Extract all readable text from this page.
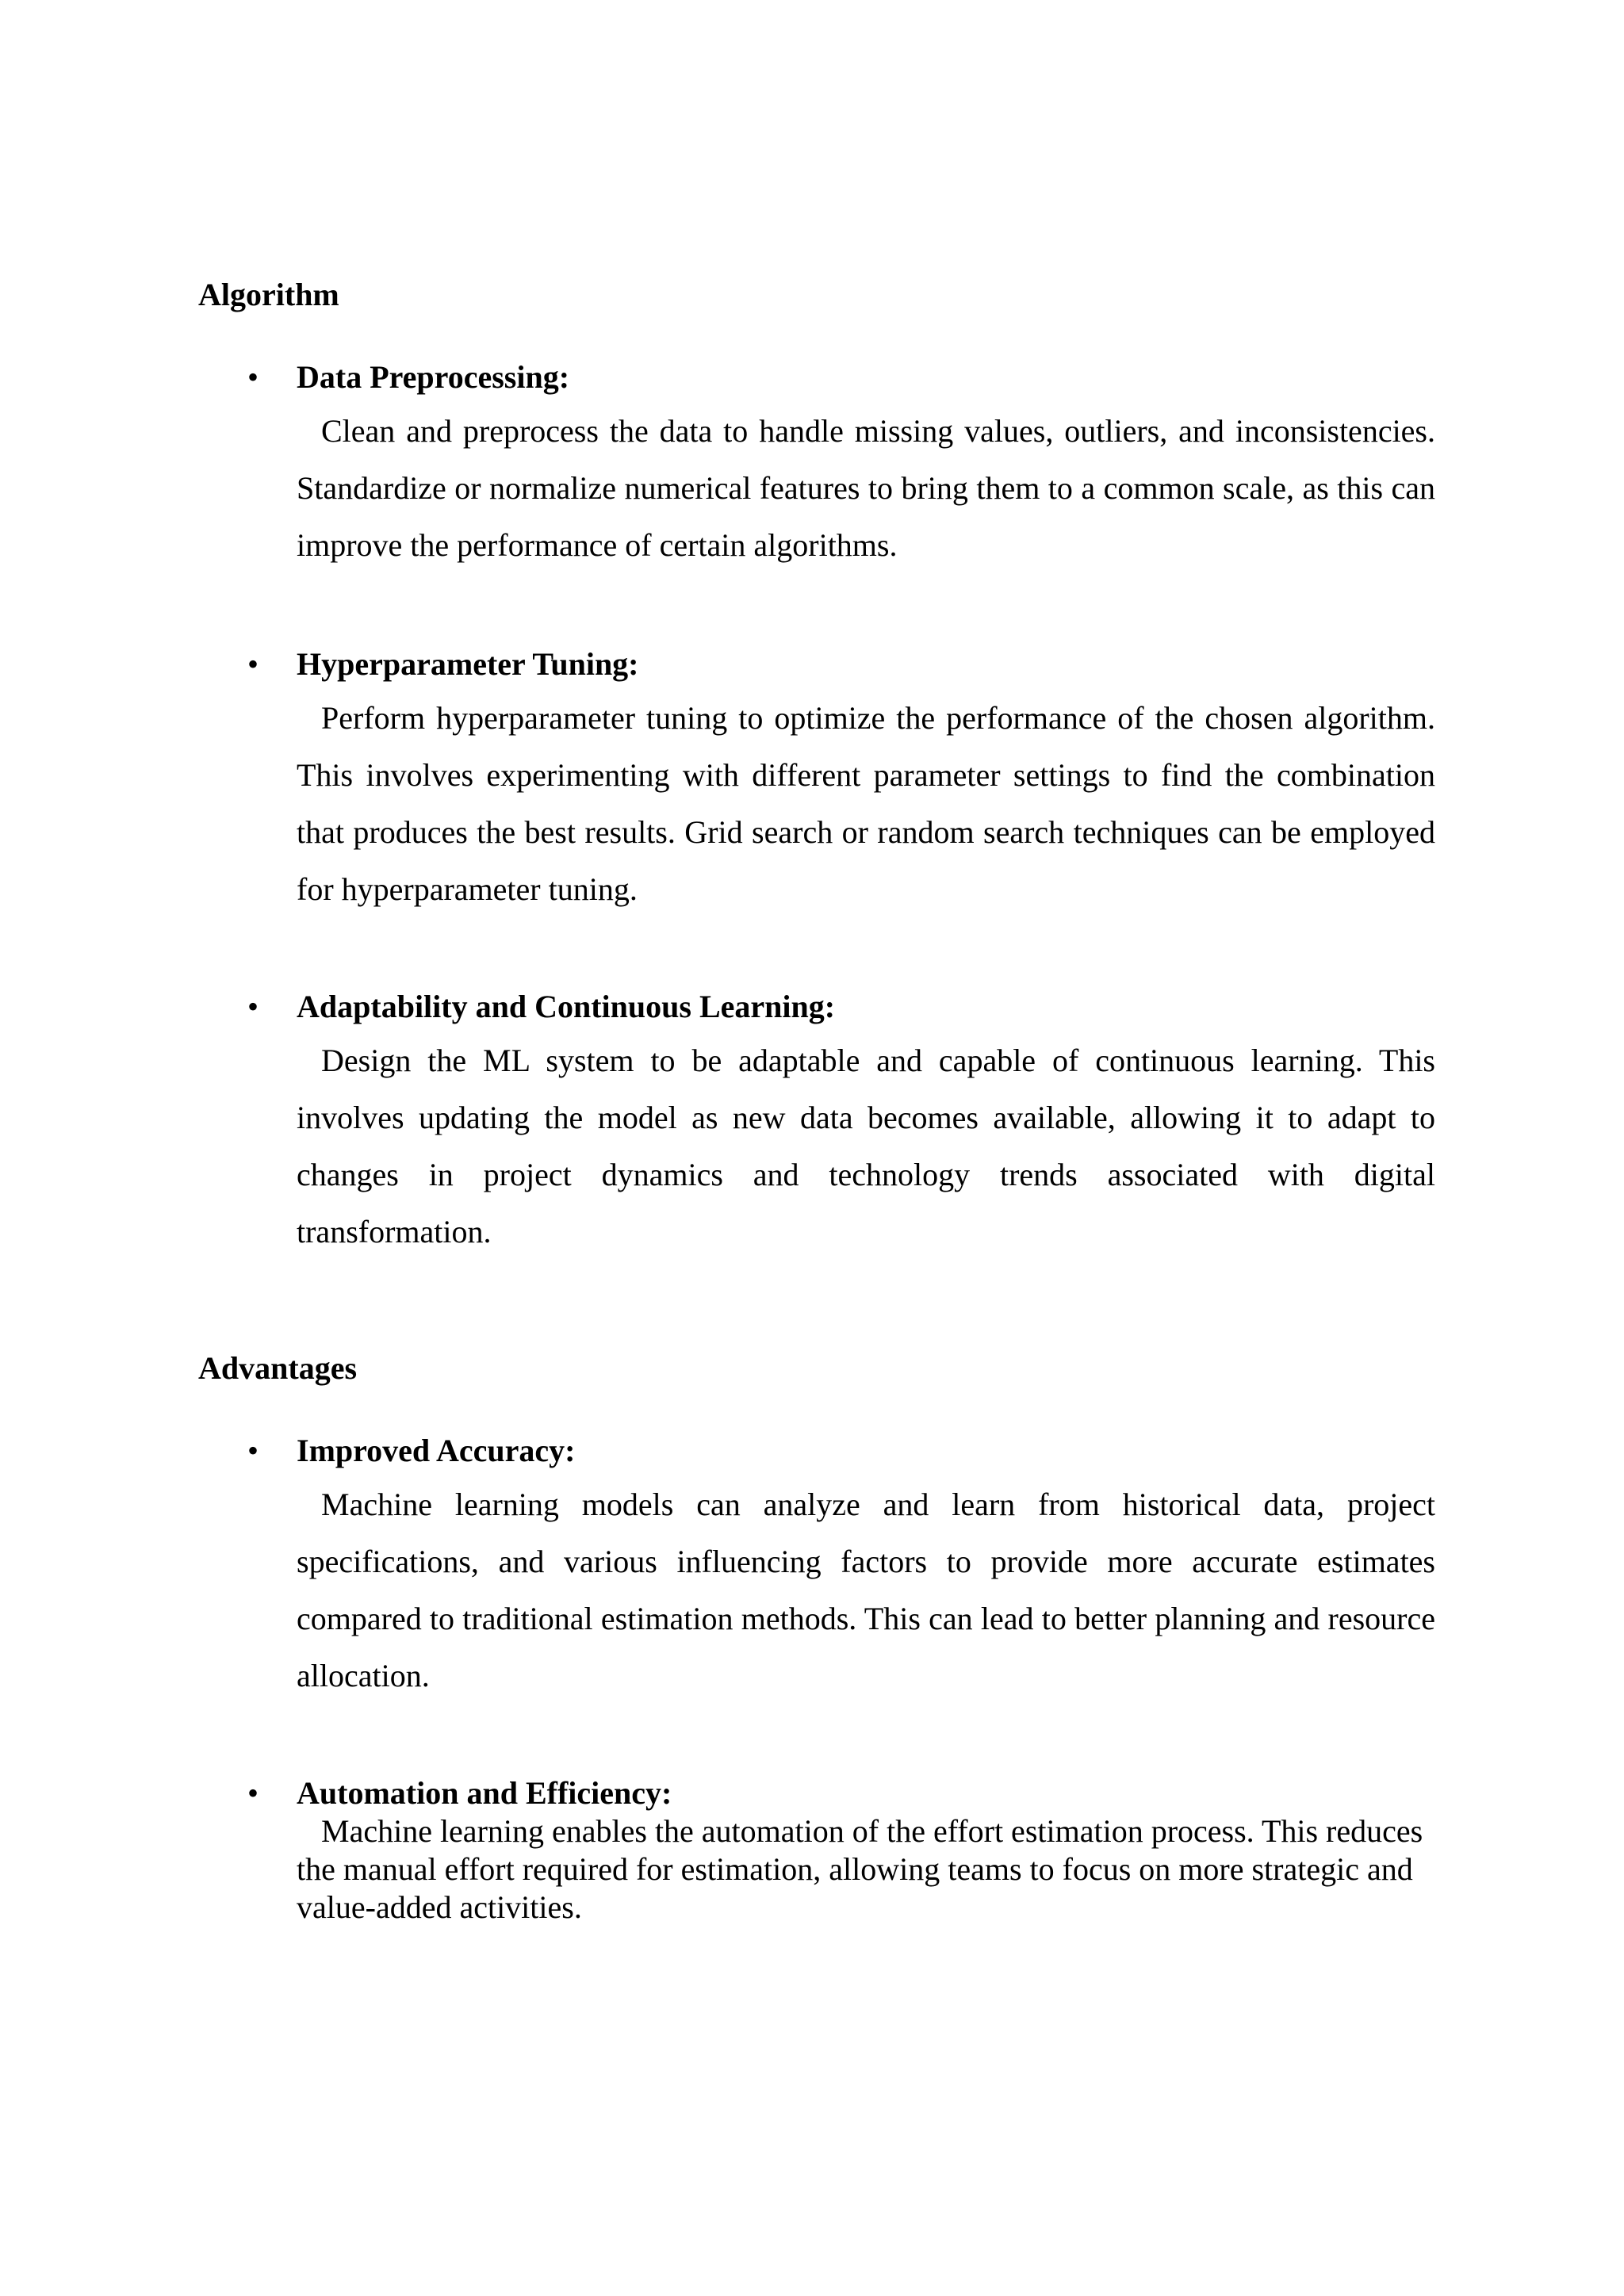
Algorithm
• Data Preprocessing:

Clean and preprocess the data to handle missing values, outliers, and inconsistencies. Standardize or normalize numerical features to bring them to a common scale, as this can improve the performance of certain algorithms.

• Hyperparameter Tuning:

Perform hyperparameter tuning to optimize the performance of the chosen algorithm. This involves experimenting with different parameter settings to find the combination that produces the best results. Grid search or random search techniques can be employed for hyperparameter tuning.

• Adaptability and Continuous Learning:

Design the ML system to be adaptable and capable of continuous learning. This involves updating the model as new data becomes available, allowing it to adapt to changes in project dynamics and technology trends associated with digital transformation.

Advantages
• Improved Accuracy:

Machine learning models can analyze and learn from historical data, project specifications, and various influencing factors to provide more accurate estimates compared to traditional estimation methods. This can lead to better planning and resource allocation.

• Automation and Efficiency:

Machine learning enables the automation of the effort estimation process. This reduces the manual effort required for estimation, allowing teams to focus on more strategic and value-added activities.
